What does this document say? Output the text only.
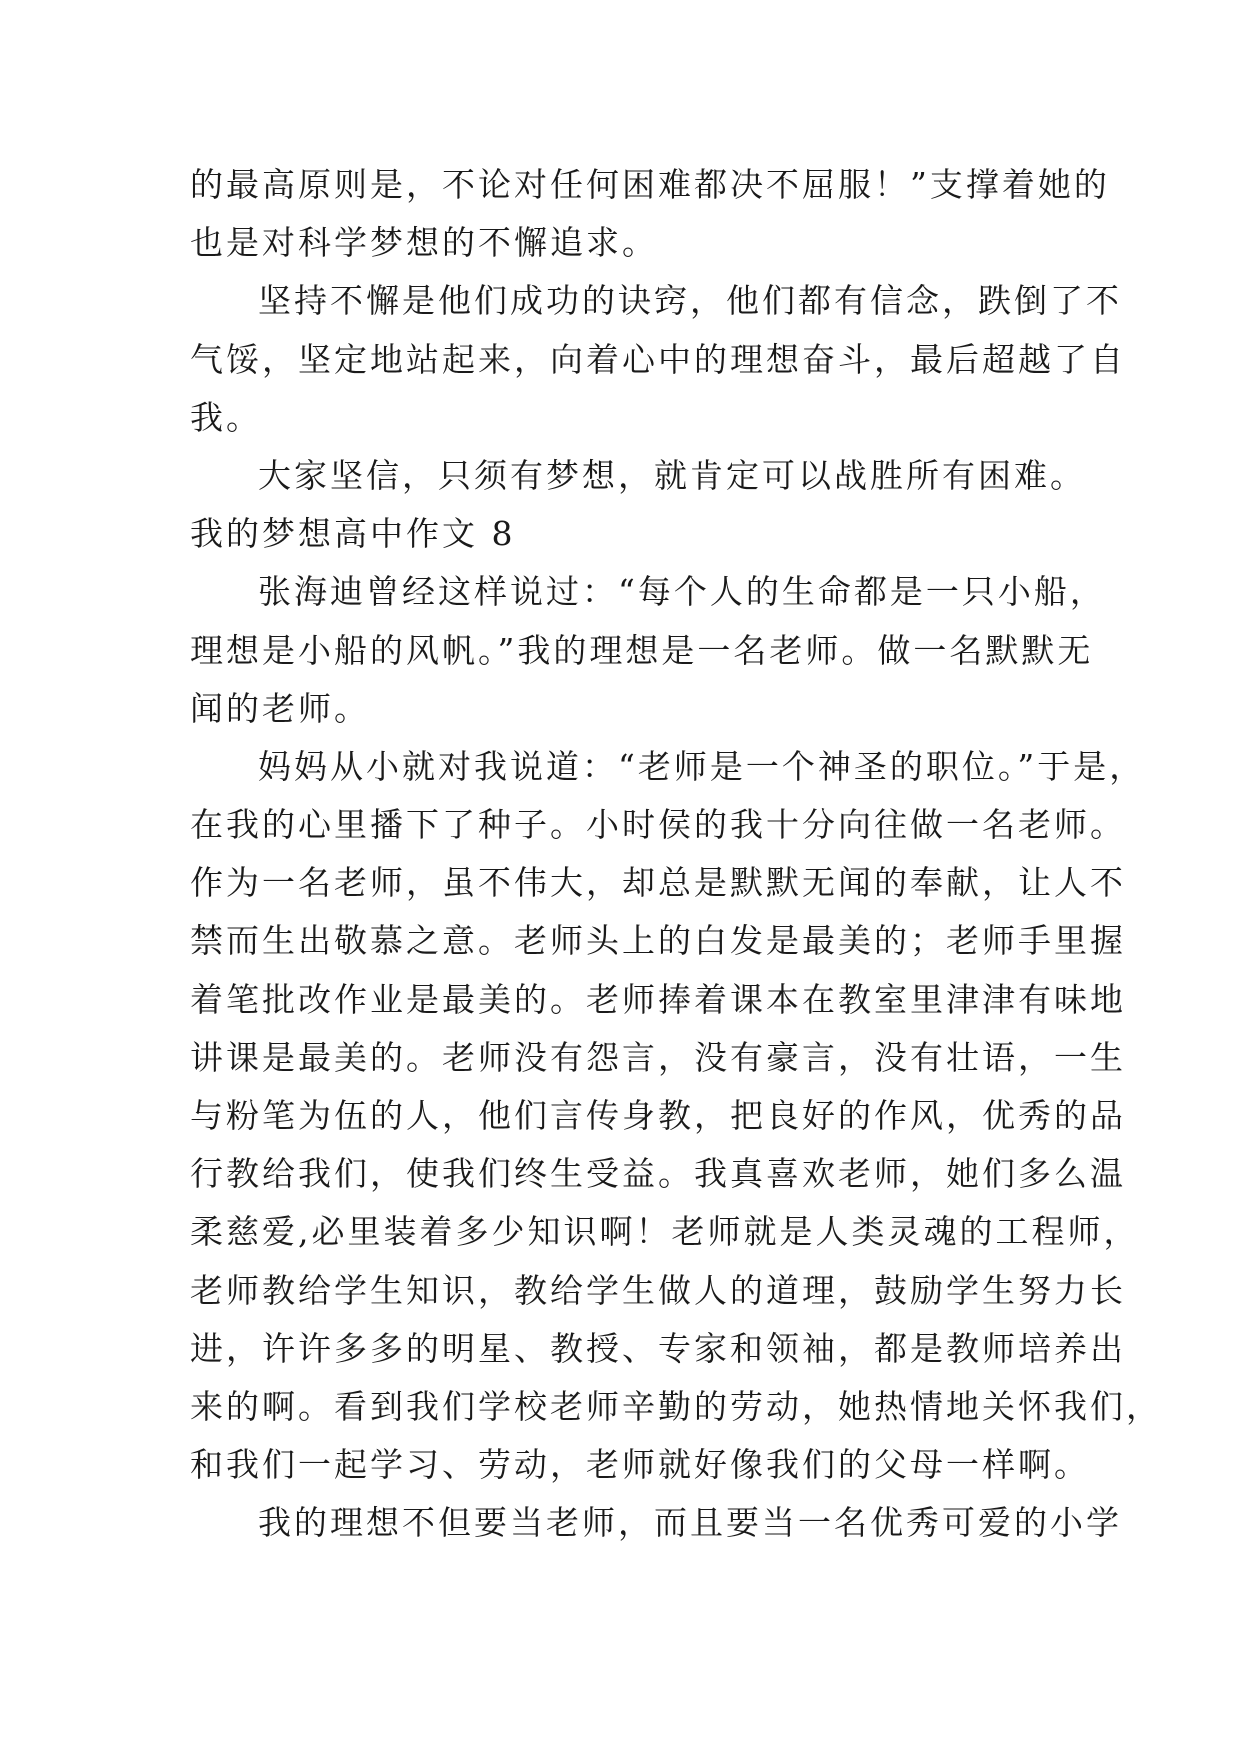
的最高原则是，不论对任何困难都决不屈服！”支撑着她的
也是对科学梦想的不懈追求。
坚持不懈是他们成功的诀窍，他们都有信念，跌倒了不
气馁，坚定地站起来，向着心中的理想奋斗，最后超越了自
我。
大家坚信，只须有梦想，就肯定可以战胜所有困难。
我的梦想高中作文 8
张海迪曾经这样说过：“每个人的生命都是一只小船，
理想是小船的风帆。”我的理想是一名老师。做一名默默无
闻的老师。
妈妈从小就对我说道：“老师是一个神圣的职位。”于是，
在我的心里播下了种子。小时侯的我十分向往做一名老师。
作为一名老师，虽不伟大，却总是默默无闻的奉献，让人不
禁而生出敬慕之意。老师头上的白发是最美的；老师手里握
着笔批改作业是最美的。老师捧着课本在教室里津津有味地
讲课是最美的。老师没有怨言，没有豪言，没有壮语，一生
与粉笔为伍的人，他们言传身教，把良好的作风，优秀的品
行教给我们，使我们终生受益。我真喜欢老师，她们多么温
柔慈爱,必里装着多少知识啊！老师就是人类灵魂的工程师，
老师教给学生知识，教给学生做人的道理，鼓励学生努力长
进，许许多多的明星、教授、专家和领袖，都是教师培养出
来的啊。看到我们学校老师辛勤的劳动，她热情地关怀我们，
和我们一起学习、劳动，老师就好像我们的父母一样啊。
我的理想不但要当老师，而且要当一名优秀可爱的小学
